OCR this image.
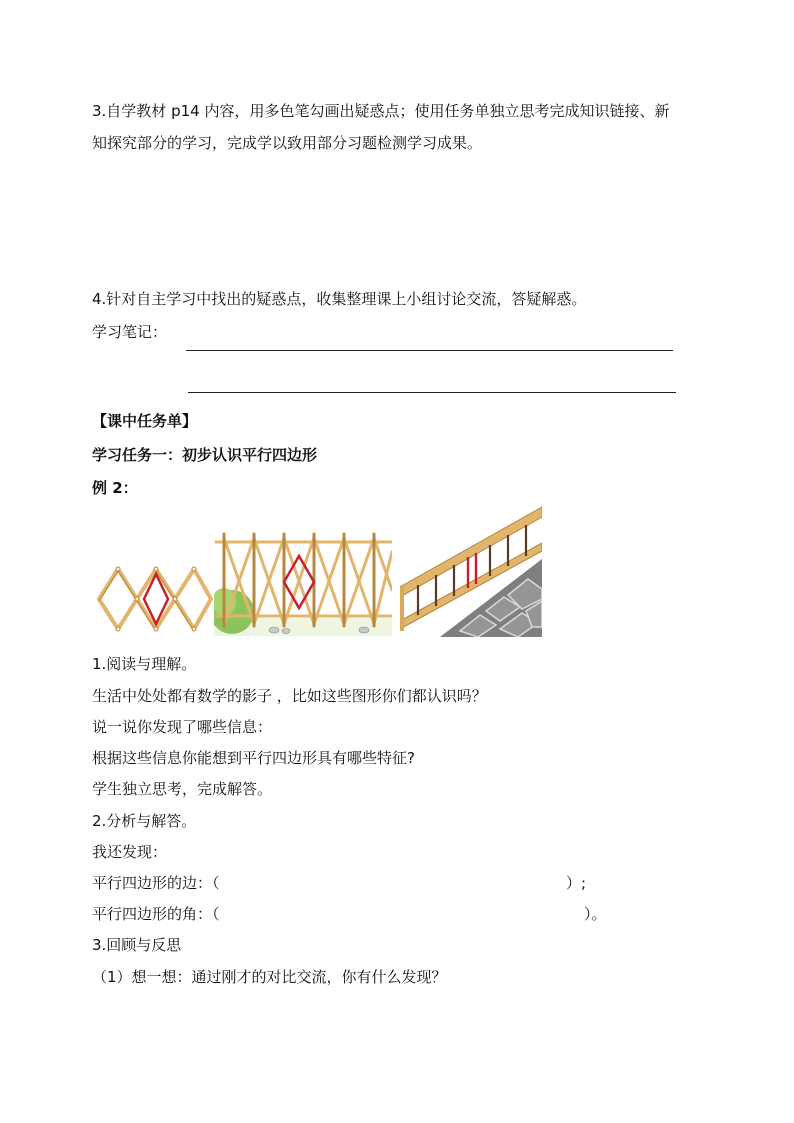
3.自学教材 p14 内容，用多色笔勾画出疑惑点；使用任务单独立思考完成知识链接、新
知探究部分的学习，完成学以致用部分习题检测学习成果。
4.针对自主学习中找出的疑惑点，收集整理课上小组讨论交流，答疑解惑。
学习笔记：
【课中任务单】
学习任务一：初步认识平行四边形
例 2：
1.阅读与理解。
生活中处处都有数学的影子 ，比如这些图形你们都认识吗？
说一说你发现了哪些信息：
根据这些信息你能想到平行四边形具有哪些特征?
学生独立思考，完成解答。
2.分析与解答。
我还发现：
平行四边形的边：（	）;
平行四边形的角：（	）。
3.回顾与反思
（1）想一想：通过刚才的对比交流，你有什么发现？
